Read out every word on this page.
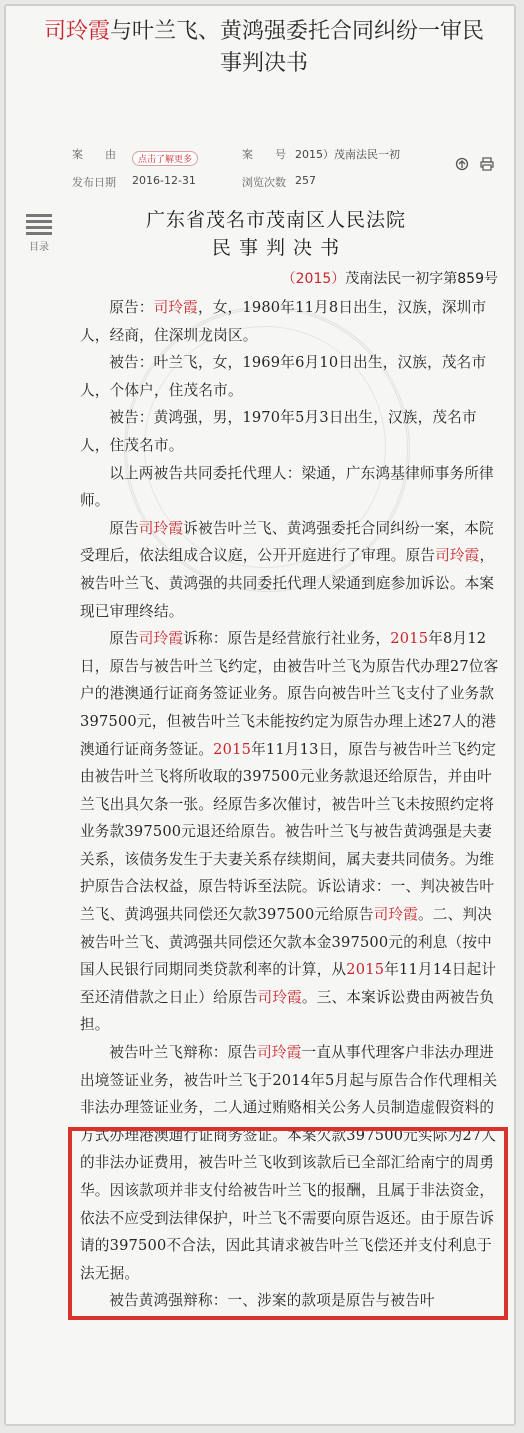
司玲霞与叶兰飞、黄鸿强委托合同纠纷一审民事判决书
案　　由	点击了解更多	案　　号 2015）茂南法民一初
发布日期 2016-12-31	浏览次数 257

目录
广东省茂名市茂南区人民法院
民 事 判 决 书
（2015）茂南法民一初字第859号

原告：司玲霞，女，1980年11月8日出生，汉族，深圳市人，经商，住深圳龙岗区。

被告：叶兰飞，女，1969年6月10日出生，汉族，茂名市人，个体户，住茂名市。

被告：黄鸿强，男，1970年5月3日出生，汉族，茂名市人，住茂名市。

以上两被告共同委托代理人：梁通，广东鸿基律师事务所律师。

原告司玲霞诉被告叶兰飞、黄鸿强委托合同纠纷一案，本院受理后，依法组成合议庭，公开开庭进行了审理。原告司玲霞，被告叶兰飞、黄鸿强的共同委托代理人梁通到庭参加诉讼。本案现已审理终结。

原告司玲霞诉称：原告是经营旅行社业务，2015年8月12日，原告与被告叶兰飞约定，由被告叶兰飞为原告代办理27位客户的港澳通行证商务签证业务。原告向被告叶兰飞支付了业务款397500元，但被告叶兰飞未能按约定为原告办理上述27人的港澳通行证商务签证。2015年11月13日，原告与被告叶兰飞约定由被告叶兰飞将所收取的397500元业务款退还给原告，并由叶兰飞出具欠条一张。经原告多次催讨，被告叶兰飞未按照约定将业务款397500元退还给原告。被告叶兰飞与被告黄鸿强是夫妻关系，该债务发生于夫妻关系存续期间，属夫妻共同债务。为维护原告合法权益，原告特诉至法院。诉讼请求：一、判决被告叶兰飞、黄鸿强共同偿还欠款397500元给原告司玲霞。二、判决被告叶兰飞、黄鸿强共同偿还欠款本金397500元的利息（按中国人民银行同期同类贷款利率的计算，从2015年11月14日起计至还清借款之日止）给原告司玲霞。三、本案诉讼费由两被告负担。

被告叶兰飞辩称：原告司玲霞一直从事代理客户非法办理进出境签证业务，被告叶兰飞于2014年5月起与原告合作代理相关非法办理签证业务，二人通过贿赂相关公务人员制造虚假资料的方式办理港澳通行证商务签证。本案欠款397500元实际为27人的非法办证费用，被告叶兰飞收到该款后已全部汇给南宁的周勇华。因该款项并非支付给被告叶兰飞的报酬，且属于非法资金，依法不应受到法律保护，叶兰飞不需要向原告返还。由于原告诉请的397500不合法，因此其请求被告叶兰飞偿还并支付利息于法无据。

被告黄鸿强辩称：一、涉案的款项是原告与被告叶
